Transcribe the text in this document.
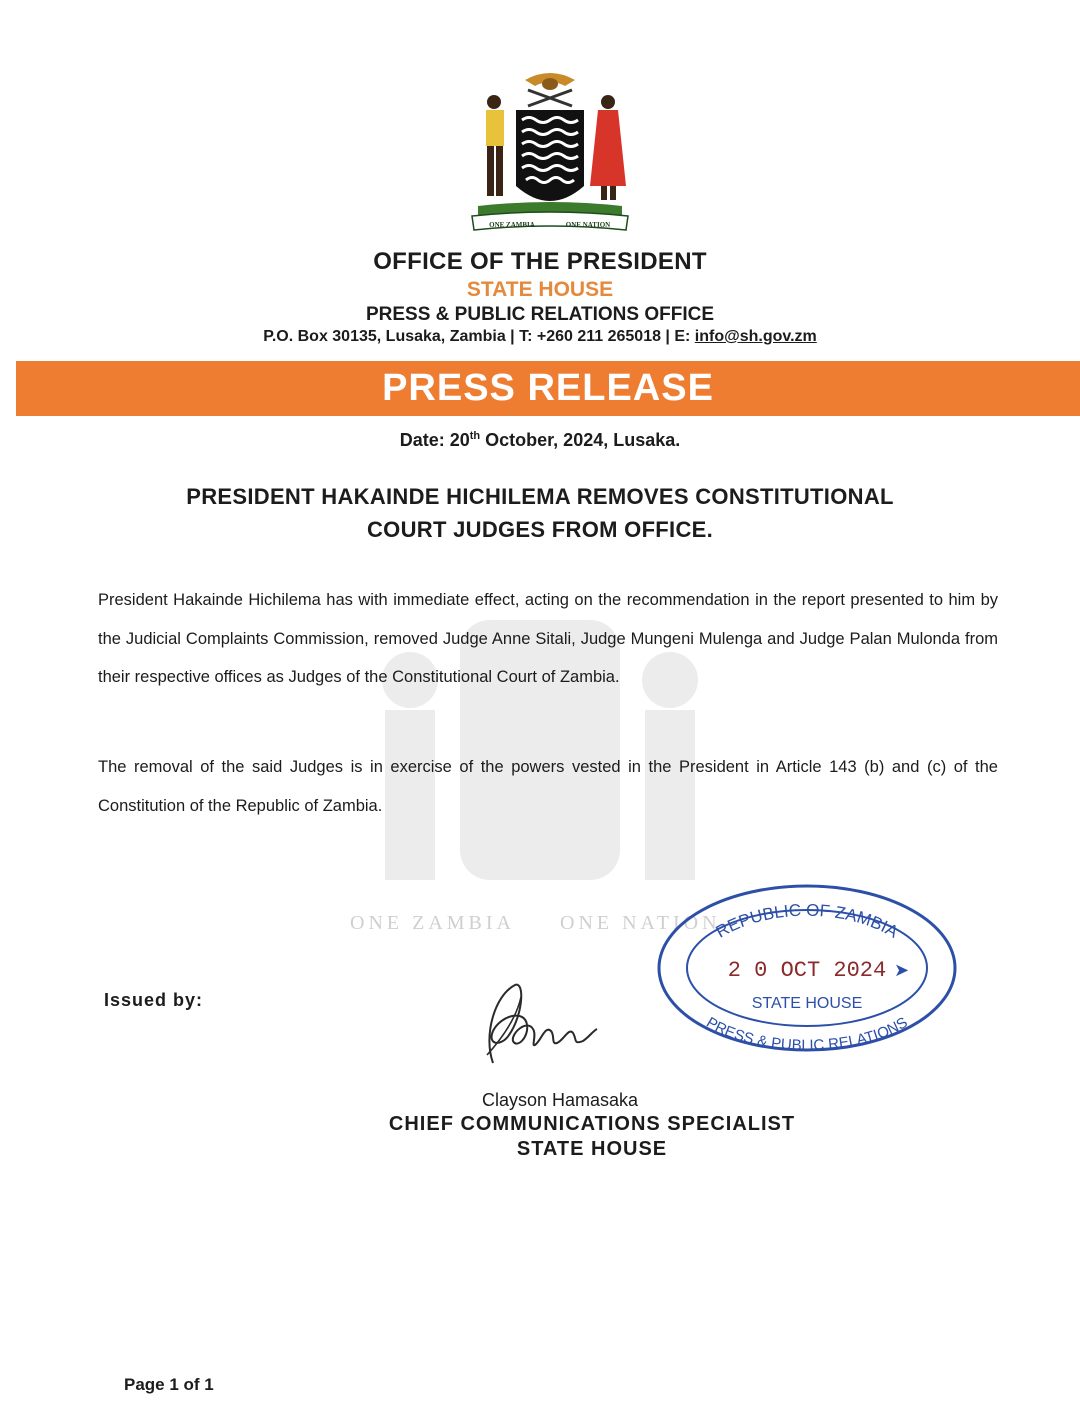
ONE ZAMBIA ONE NATION
ONE ZAMBIA	ONE NATION
OFFICE OF THE PRESIDENT
STATE HOUSE
PRESS & PUBLIC RELATIONS OFFICE
P.O. Box 30135, Lusaka, Zambia | T: +260 211 265018 | E: info@sh.gov.zm
PRESS RELEASE
Date: 20th October, 2024, Lusaka.
PRESIDENT HAKAINDE HICHILEMA REMOVES CONSTITUTIONAL
COURT JUDGES FROM OFFICE.
President Hakainde Hichilema has with immediate effect, acting on the recommendation in the report presented to him by the Judicial Complaints Commission, removed Judge Anne Sitali, Judge Mungeni Mulenga and Judge Palan Mulonda from their respective offices as Judges of the Constitutional Court of Zambia.
The removal of the said Judges is in exercise of the powers vested in the President in Article 143 (b) and (c) of the Constitution of the Republic of Zambia.
Issued by:
REPUBLIC OF ZAMBIA
2 0 OCT 2024 ➤
STATE HOUSE
PRESS & PUBLIC RELATIONS
Clayson Hamasaka
CHIEF COMMUNICATIONS SPECIALIST
STATE HOUSE
Page 1 of 1
